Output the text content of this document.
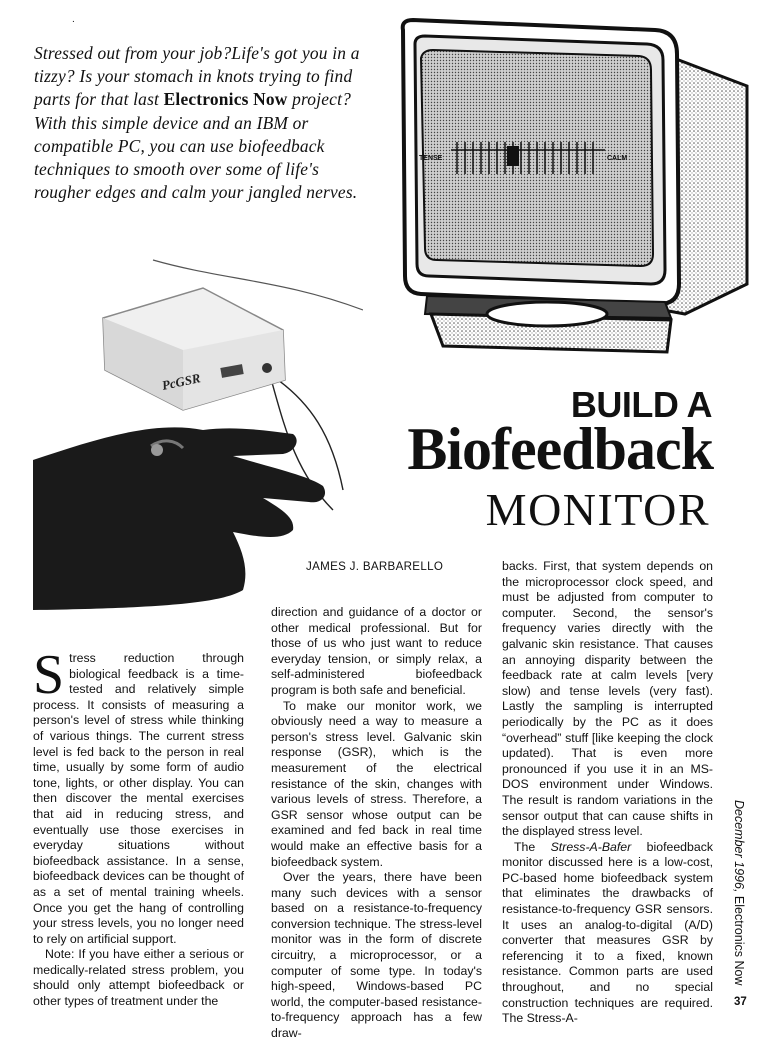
.
Stressed out from your job?Life's got you in a tizzy? Is your stomach in knots trying to find parts for that last Electronics Now project? With this simple device and an IBM or compatible PC, you can use biofeedback techniques to smooth over some of life's rougher edges and calm your jangled nerves.
TENSE	CALM
PcGSR
BUILD A
Biofeedback
MONITOR
JAMES J. BARBARELLO

Stress reduction through biological feedback is a time-tested and relatively simple process. It consists of measuring a person's level of stress while thinking of various things. The current stress level is fed back to the person in real time, usually by some form of audio tone, lights, or other display. You can then discover the mental exercises that aid in reducing stress, and eventually use those exercises in everyday situations without biofeedback assistance. In a sense, biofeedback devices can be thought of as a set of mental training wheels. Once you get the hang of controlling your stress levels, you no longer need to rely on artificial support.

Note: If you have either a serious or medically-related stress problem, you should only attempt biofeedback or other types of treatment under the

direction and guidance of a doctor or other medical professional. But for those of us who just want to reduce everyday tension, or simply relax, a self-administered biofeedback program is both safe and beneficial.

To make our monitor work, we obviously need a way to measure a person's stress level. Galvanic skin response (GSR), which is the measurement of the electrical resistance of the skin, changes with various levels of stress. Therefore, a GSR sensor whose output can be examined and fed back in real time would make an effective basis for a biofeedback system.

Over the years, there have been many such devices with a sensor based on a resistance-to-frequency conversion technique. The stress-level monitor was in the form of discrete circuitry, a microprocessor, or a computer of some type. In today's high-speed, Windows-based PC world, the computer-based resistance-to-frequency approach has a few draw-

backs. First, that system depends on the microprocessor clock speed, and must be adjusted from computer to computer. Second, the sensor's frequency varies directly with the galvanic skin resistance. That causes an annoying disparity between the feedback rate at calm levels [very slow) and tense levels (very fast). Lastly the sampling is interrupted periodically by the PC as it does “overhead” stuff [like keeping the clock updated). That is even more pronounced if you use it in an MS-DOS environment under Windows. The result is random variations in the sensor output that can cause shifts in the displayed stress level.

The Stress-A-Bafer biofeedback monitor discussed here is a low-cost, PC-based home biofeedback system that eliminates the drawbacks of resistance-to-frequency GSR sensors. It uses an analog-to-digital (A/D) converter that measures GSR by referencing it to a fixed, known resistance. Common parts are used throughout, and no special construction techniques are required. The Stress-A-

December 1996, Electronics Now
37
